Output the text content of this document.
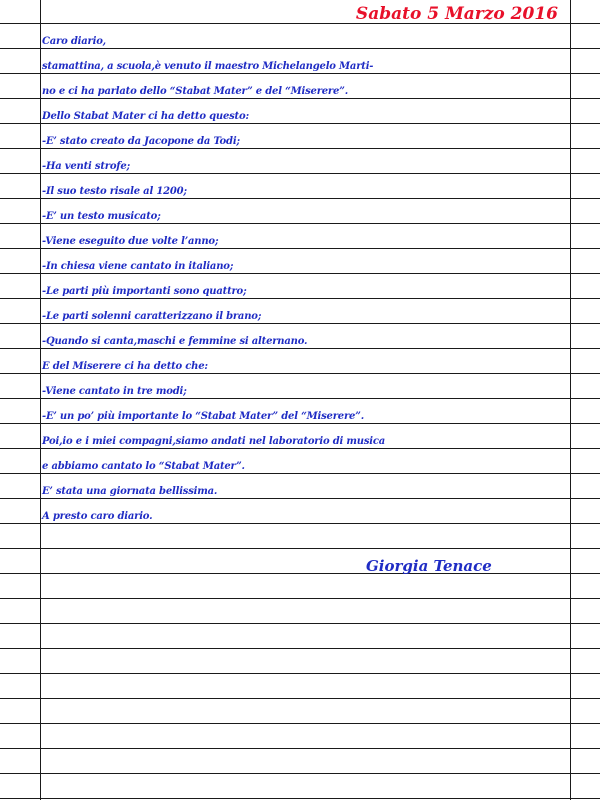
Sabato 5 Marzo 2016
Caro diario,
stamattina, a scuola,è venuto il maestro Michelangelo Marti-
no e ci ha parlato dello “Stabat Mater” e del “Miserere”.
Dello Stabat Mater ci ha detto questo:
-E’ stato creato da Jacopone da Todi;
-Ha venti strofe;
-Il suo testo risale al 1200;
-E’ un testo musicato;
-Viene eseguito due volte l’anno;
-In chiesa viene cantato in italiano;
-Le parti più importanti sono quattro;
-Le parti solenni caratterizzano il brano;
-Quando si canta,maschi e femmine si alternano.
E del Miserere ci ha detto che:
-Viene cantato in tre modi;
-E’ un po’ più importante lo “Stabat Mater” del “Miserere”.
Poi,io e i miei compagni,siamo andati nel laboratorio di musica
e abbiamo cantato lo “Stabat Mater”.
E’ stata una giornata bellissima.
A presto caro diario.
Giorgia Tenace
